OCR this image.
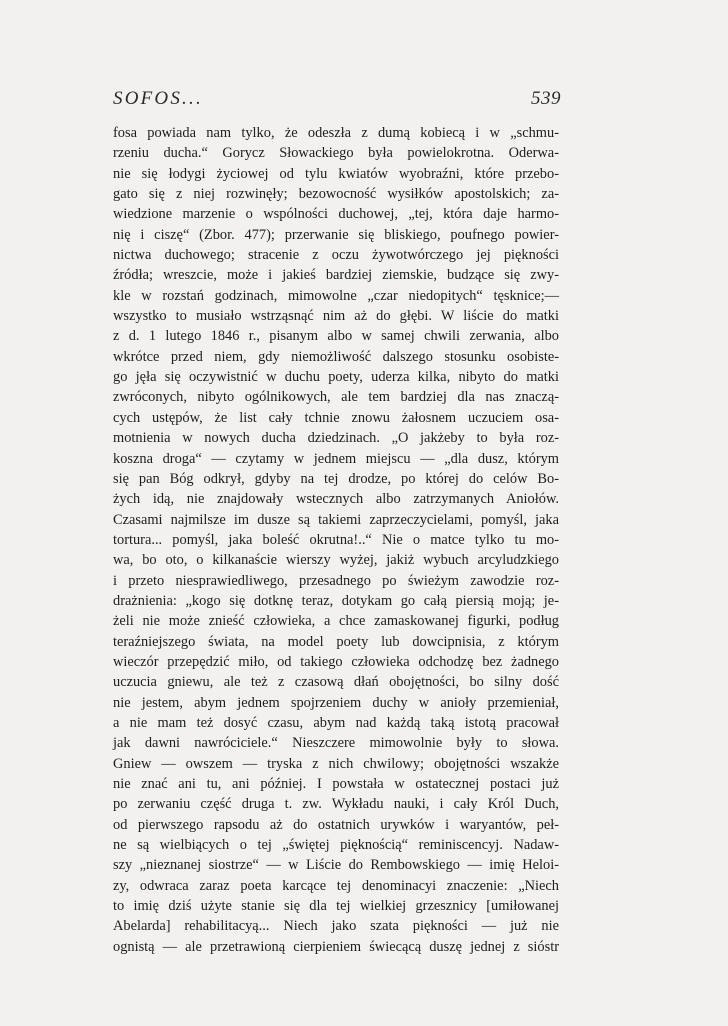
SOFOS...	539
fosa powiada nam tylko, że odeszła z dumą kobiecą i w „schmu-
rzeniu ducha.“ Gorycz Słowackiego była powielokrotna. Oderwa-
nie się łodygi życiowej od tylu kwiatów wyobraźni, które przebo-
gato się z niej rozwinęły; bezowocność wysiłków apostolskich; za-
wiedzione marzenie o wspólności duchowej, „tej, która daje harmo-
nię i ciszę“ (Zbor. 477); przerwanie się bliskiego, poufnego powier-
nictwa duchowego; stracenie z oczu żywotwórczego jej piękności
źródła; wreszcie, może i jakieś bardziej ziemskie, budzące się zwy-
kle w rozstań godzinach, mimowolne „czar niedopitych“ tęsknice;—
wszystko to musiało wstrząsnąć nim aż do głębi. W liście do matki
z d. 1 lutego 1846 r., pisanym albo w samej chwili zerwania, albo
wkrótce przed niem, gdy niemożliwość dalszego stosunku osobiste-
go jęła się oczywistnić w duchu poety, uderza kilka, nibyto do matki
zwróconych, nibyto ogólnikowych, ale tem bardziej dla nas znaczą-
cych ustępów, że list cały tchnie znowu żałosnem uczuciem osa-
motnienia w nowych ducha dziedzinach. „O jakżeby to była roz-
koszna droga“ — czytamy w jednem miejscu — „dla dusz, którym
się pan Bóg odkrył, gdyby na tej drodze, po której do celów Bo-
żych idą, nie znajdowały wstecznych albo zatrzymanych Aniołów.
Czasami najmilsze im dusze są takiemi zaprzeczycielami, pomyśl, jaka
tortura... pomyśl, jaka boleść okrutna!..“ Nie o matce tylko tu mo-
wa, bo oto, o kilkanaście wierszy wyżej, jakiż wybuch arcyludzkiego
i przeto niesprawiedliwego, przesadnego po świeżym zawodzie roz-
drażnienia: „kogo się dotknę teraz, dotykam go całą piersią moją; je-
żeli nie może znieść człowieka, a chce zamaskowanej figurki, podług
teraźniejszego świata, na model poety lub dowcipnisia, z którym
wieczór przepędzić miło, od takiego człowieka odchodzę bez żadnego
uczucia gniewu, ale też z czasową dłań obojętności, bo silny dość
nie jestem, abym jednem spojrzeniem duchy w anioły przemieniał,
a nie mam też dosyć czasu, abym nad każdą taką istotą pracował
jak dawni nawróciciele.“ Nieszczere mimowolnie były to słowa.
Gniew — owszem — tryska z nich chwilowy; obojętności wszakże
nie znać ani tu, ani później. I powstała w ostatecznej postaci już
po zerwaniu część druga t. zw. Wykładu nauki, i cały Król Duch,
od pierwszego rapsodu aż do ostatnich urywków i waryantów, peł-
ne są wielbiących o tej „świętej pięknością“ reminiscencyj. Nadaw-
szy „nieznanej siostrze“ — w Liście do Rembowskiego — imię Heloi-
zy, odwraca zaraz poeta karcące tej denominacyi znaczenie: „Niech
to imię dziś użyte stanie się dla tej wielkiej grzesznicy [umiłowanej
Abelarda] rehabilitacyą... Niech jako szata piękności — już nie
ognistą — ale przetrawioną cierpieniem świecącą duszę jednej z sióstr
